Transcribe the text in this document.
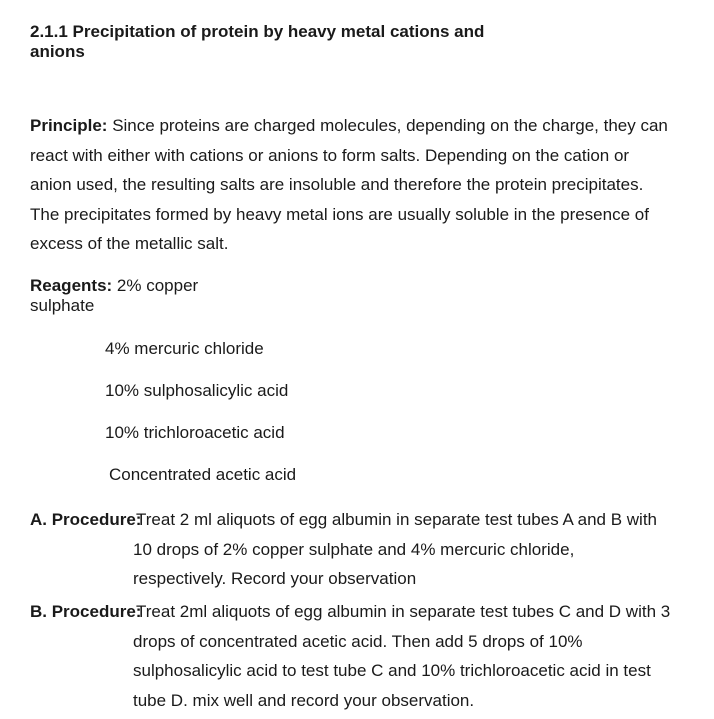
2.1.1 Precipitation of protein by heavy metal cations and
anions
Principle: Since proteins are charged molecules, depending on the charge, they can
react with either with cations or anions to form salts. Depending on the cation or
anion used, the resulting salts are insoluble and therefore the protein precipitates.
The precipitates formed by heavy metal ions are usually soluble in the presence of
excess of the metallic salt.
Reagents: 2% copper
sulphate
4% mercuric chloride
10% sulphosalicylic acid
10% trichloroacetic acid
Concentrated acetic acid
A. Procedure:
Treat 2 ml aliquots of egg albumin in separate test tubes A and B with
10 drops of 2% copper sulphate and 4% mercuric chloride,
respectively. Record your observation
B. Procedure:
Treat 2ml aliquots of egg albumin in separate test tubes C and D with 3
drops of concentrated acetic acid. Then add 5 drops of 10%
sulphosalicylic acid to test tube C and 10% trichloroacetic acid in test
tube D. mix well and record your observation.
